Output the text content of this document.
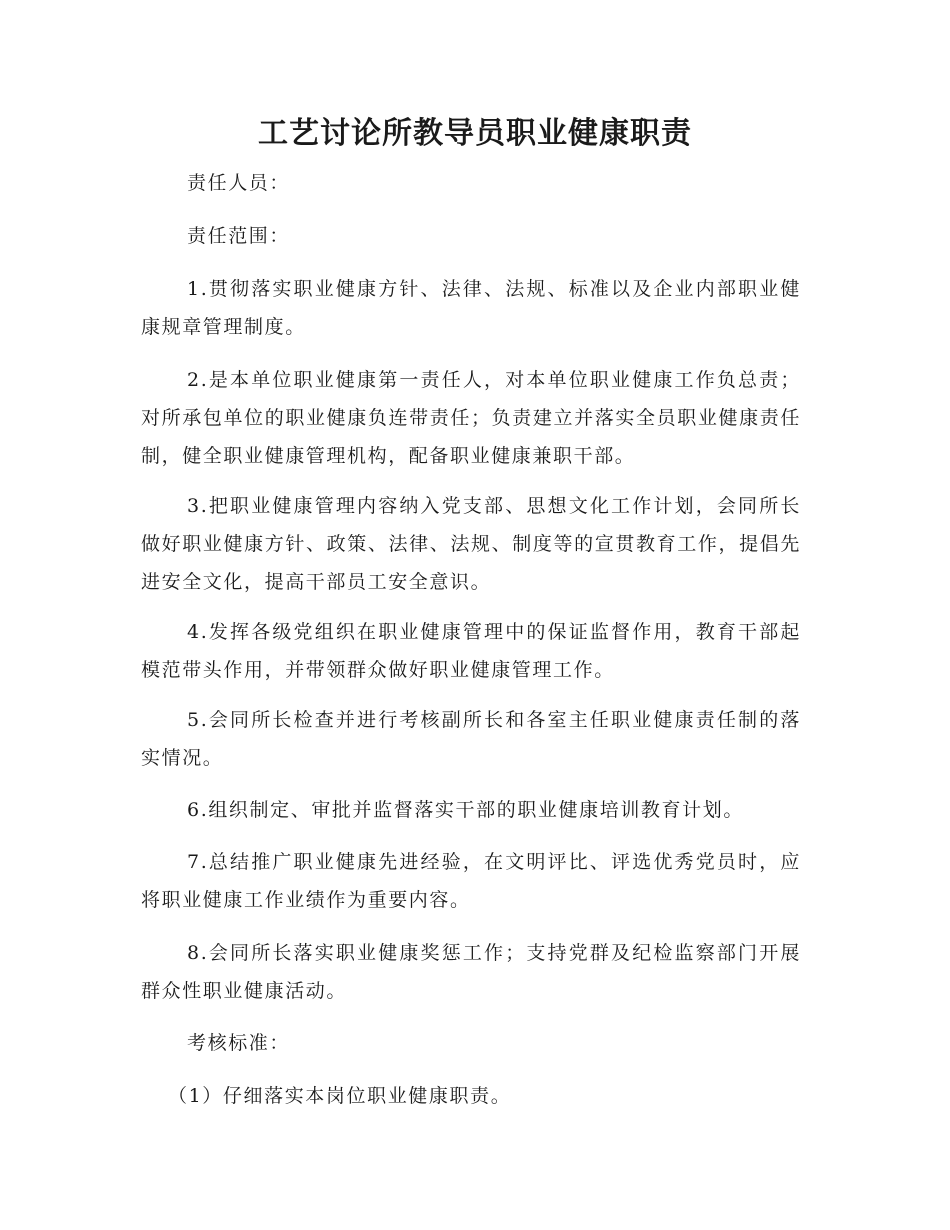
工艺讨论所教导员职业健康职责

责任人员：

责任范围：

1.贯彻落实职业健康方针、法律、法规、标准以及企业内部职业健康规章管理制度。

2.是本单位职业健康第一责任人，对本单位职业健康工作负总责；对所承包单位的职业健康负连带责任；负责建立并落实全员职业健康责任制，健全职业健康管理机构，配备职业健康兼职干部。

3.把职业健康管理内容纳入党支部、思想文化工作计划，会同所长做好职业健康方针、政策、法律、法规、制度等的宣贯教育工作，提倡先进安全文化，提高干部员工安全意识。

4.发挥各级党组织在职业健康管理中的保证监督作用，教育干部起模范带头作用，并带领群众做好职业健康管理工作。

5.会同所长检查并进行考核副所长和各室主任职业健康责任制的落实情况。

6.组织制定、审批并监督落实干部的职业健康培训教育计划。

7.总结推广职业健康先进经验，在文明评比、评选优秀党员时，应将职业健康工作业绩作为重要内容。

8.会同所长落实职业健康奖惩工作；支持党群及纪检监察部门开展群众性职业健康活动。

考核标准：

（1）仔细落实本岗位职业健康职责。
